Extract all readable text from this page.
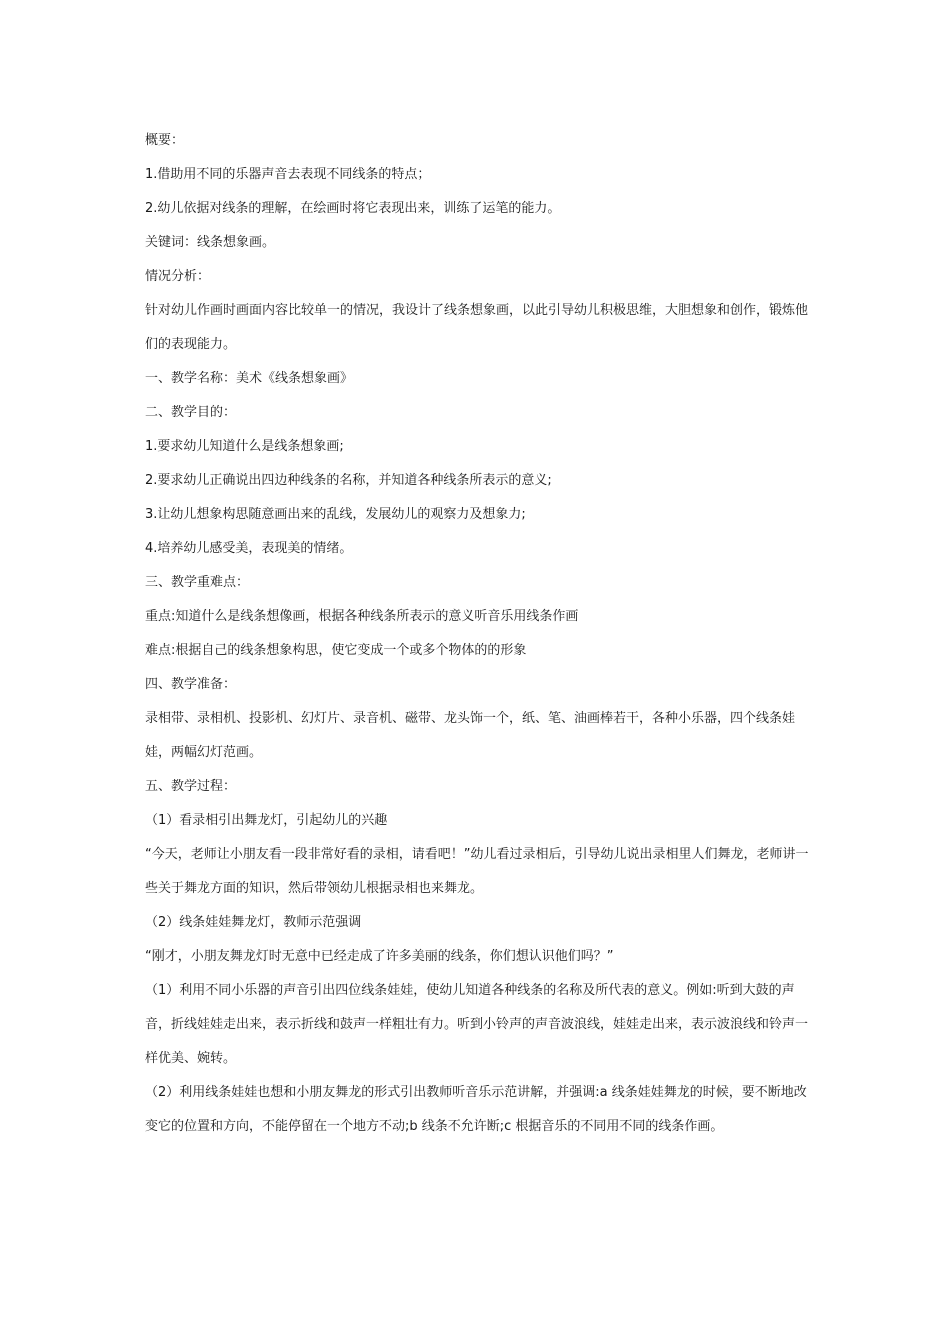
概要：

1.借助用不同的乐器声音去表现不同线条的特点；

2.幼儿依据对线条的理解，在绘画时将它表现出来，训练了运笔的能力。

关键词：线条想象画。

情况分析：

针对幼儿作画时画面内容比较单一的情况，我设计了线条想象画，以此引导幼儿积极思维，大胆想象和创作，锻炼他们的表现能力。

一、教学名称：美术《线条想象画》

二、教学目的：

1.要求幼儿知道什么是线条想象画;

2.要求幼儿正确说出四边种线条的名称，并知道各种线条所表示的意义;

3.让幼儿想象构思随意画出来的乱线，发展幼儿的观察力及想象力;

4.培养幼儿感受美，表现美的情绪。

三、教学重难点：

重点:知道什么是线条想像画，根据各种线条所表示的意义听音乐用线条作画

难点:根据自己的线条想象构思，使它变成一个或多个物体的的形象

四、教学准备：

录相带、录相机、投影机、幻灯片、录音机、磁带、龙头饰一个，纸、笔、油画棒若干，各种小乐器，四个线条娃娃，两幅幻灯范画。

五、教学过程：

（1）看录相引出舞龙灯，引起幼儿的兴趣

“今天，老师让小朋友看一段非常好看的录相，请看吧！”幼儿看过录相后，引导幼儿说出录相里人们舞龙，老师讲一些关于舞龙方面的知识，然后带领幼儿根据录相也来舞龙。

（2）线条娃娃舞龙灯，教师示范强调

“刚才，小朋友舞龙灯时无意中已经走成了许多美丽的线条，你们想认识他们吗？”

（1）利用不同小乐器的声音引出四位线条娃娃，使幼儿知道各种线条的名称及所代表的意义。例如:听到大鼓的声音，折线娃娃走出来，表示折线和鼓声一样粗壮有力。听到小铃声的声音波浪线，娃娃走出来，表示波浪线和铃声一样优美、婉转。

（2）利用线条娃娃也想和小朋友舞龙的形式引出教师听音乐示范讲解，并强调:a 线条娃娃舞龙的时候，要不断地改变它的位置和方向，不能停留在一个地方不动;b 线条不允许断;c 根据音乐的不同用不同的线条作画。
